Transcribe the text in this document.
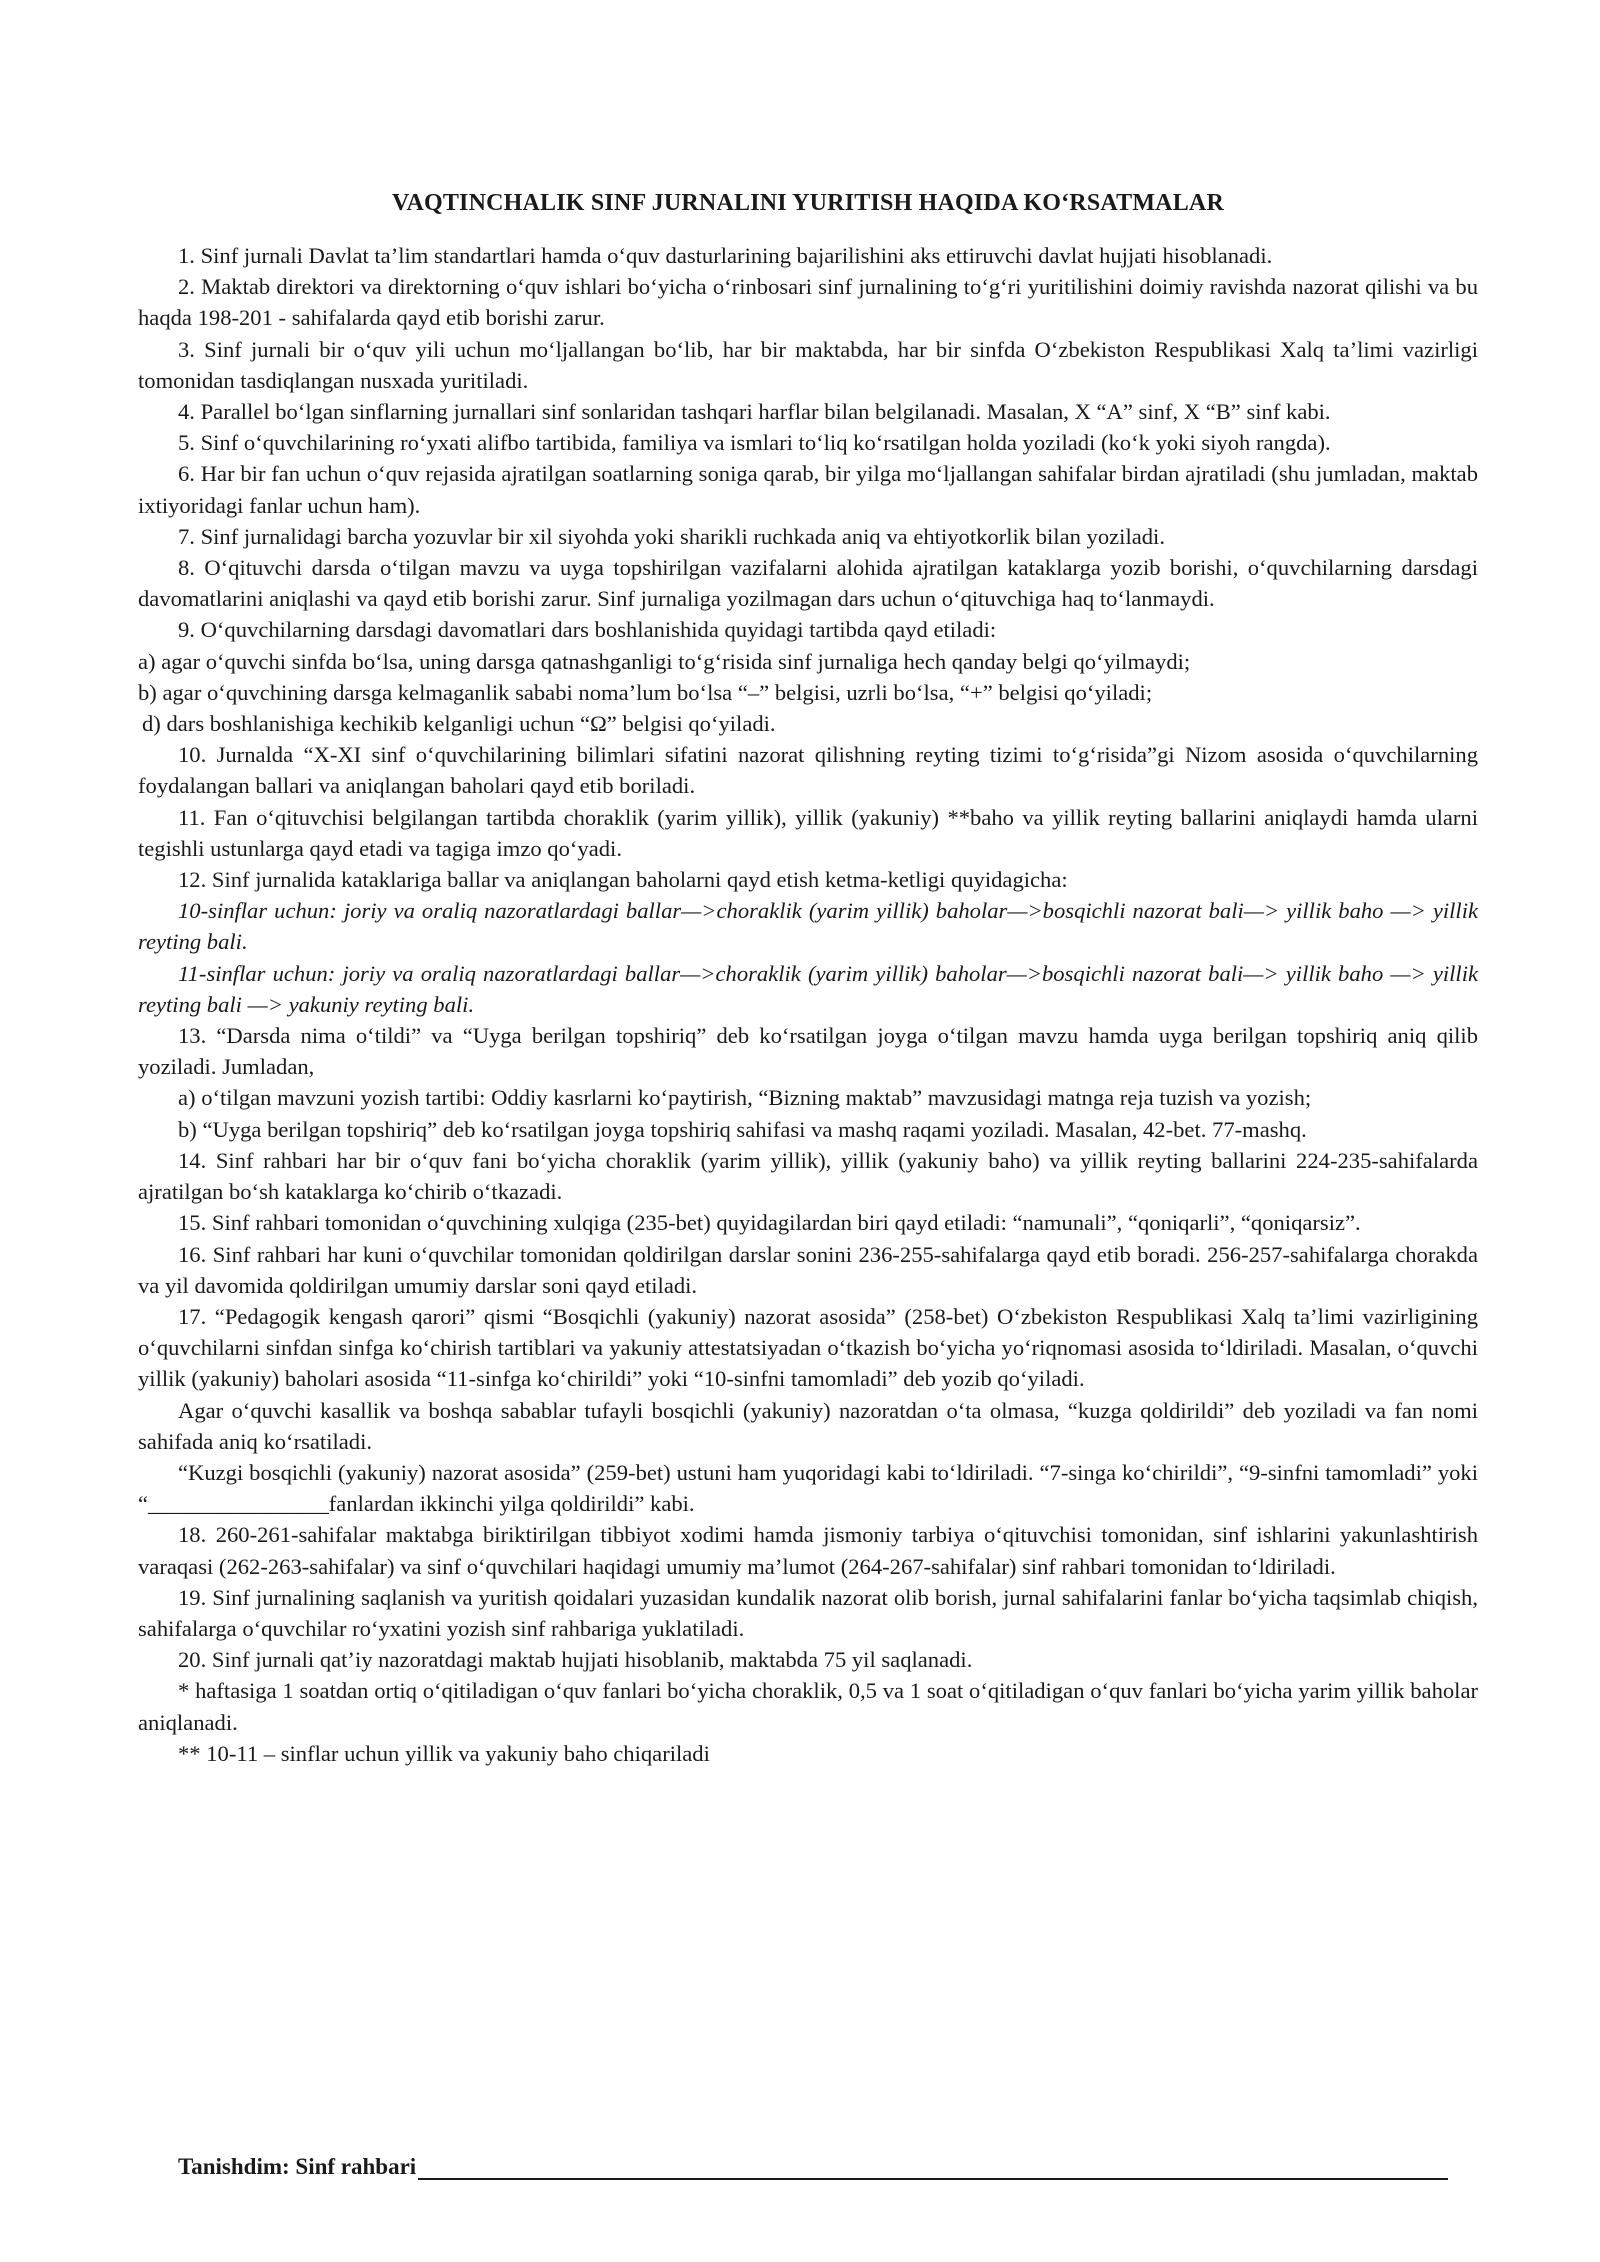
VAQTINCHALIK SINF JURNALINI YURITISH HAQIDA KO‘RSATMALAR

1. Sinf jurnali Davlat ta’lim standartlari hamda o‘quv dasturlarining bajarilishini aks ettiruvchi davlat hujjati hisoblanadi.

2. Maktab direktori va direktorning o‘quv ishlari bo‘yicha o‘rinbosari sinf jurnalining to‘g‘ri yuritilishini doimiy ravishda nazorat qilishi va bu haqda 198-201 - sahifalarda qayd etib borishi zarur.

3. Sinf jurnali bir o‘quv yili uchun mo‘ljallangan bo‘lib, har bir maktabda, har bir sinfda O‘zbekiston Respublikasi Xalq ta’limi vazirligi tomonidan tasdiqlangan nusxada yuritiladi.

4. Parallel bo‘lgan sinflarning jurnallari sinf sonlaridan tashqari harflar bilan belgilanadi. Masalan, X “A” sinf, X “B” sinf kabi.

5. Sinf o‘quvchilarining ro‘yxati alifbo tartibida, familiya va ismlari to‘liq ko‘rsatilgan holda yoziladi (ko‘k yoki siyoh rangda).

6. Har bir fan uchun o‘quv rejasida ajratilgan soatlarning soniga qarab, bir yilga mo‘ljallangan sahifalar birdan ajratiladi (shu jumladan, maktab ixtiyoridagi fanlar uchun ham).

7. Sinf jurnalidagi barcha yozuvlar bir xil siyohda yoki sharikli ruchkada aniq va ehtiyotkorlik bilan yoziladi.

8. O‘qituvchi darsda o‘tilgan mavzu va uyga topshirilgan vazifalarni alohida ajratilgan kataklarga yozib borishi, o‘quvchilarning darsdagi davomatlarini aniqlashi va qayd etib borishi zarur. Sinf jurnaliga yozilmagan dars uchun o‘qituvchiga haq to‘lanmaydi.

9. O‘quvchilarning darsdagi davomatlari dars boshlanishida quyidagi tartibda qayd etiladi:

a) agar o‘quvchi sinfda bo‘lsa, uning darsga qatnashganligi to‘g‘risida sinf jurnaliga hech qanday belgi qo‘yilmaydi;

b) agar o‘quvchining darsga kelmaganlik sababi noma’lum bo‘lsa “–” belgisi, uzrli bo‘lsa, “+” belgisi qo‘yiladi;

d) dars boshlanishiga kechikib kelganligi uchun “Ω” belgisi qo‘yiladi.

10. Jurnalda “X-XI sinf o‘quvchilarining bilimlari sifatini nazorat qilishning reyting tizimi to‘g‘risida”gi Nizom asosida o‘quvchilarning foydalangan ballari va aniqlangan baholari qayd etib boriladi.

11. Fan o‘qituvchisi belgilangan tartibda choraklik (yarim yillik), yillik (yakuniy) **baho va yillik reyting ballarini aniqlaydi hamda ularni tegishli ustunlarga qayd etadi va tagiga imzo qo‘yadi.

12. Sinf jurnalida kataklariga ballar va aniqlangan baholarni qayd etish ketma-ketligi quyidagicha:

10-sinflar uchun: joriy va oraliq nazoratlardagi ballar—>choraklik (yarim yillik) baholar—>bosqichli nazorat bali—> yillik baho —> yillik reyting bali.

11-sinflar uchun: joriy va oraliq nazoratlardagi ballar—>choraklik (yarim yillik) baholar—>bosqichli nazorat bali—> yillik baho —> yillik reyting bali —> yakuniy reyting bali.

13. “Darsda nima o‘tildi” va “Uyga berilgan topshiriq” deb ko‘rsatilgan joyga o‘tilgan mavzu hamda uyga berilgan topshiriq aniq qilib yoziladi. Jumladan,

a) o‘tilgan mavzuni yozish tartibi: Oddiy kasrlarni ko‘paytirish, “Bizning maktab” mavzusidagi matnga reja tuzish va yozish;

b) “Uyga berilgan topshiriq” deb ko‘rsatilgan joyga topshiriq sahifasi va mashq raqami yoziladi. Masalan, 42-bet. 77-mashq.

14. Sinf rahbari har bir o‘quv fani bo‘yicha choraklik (yarim yillik), yillik (yakuniy baho) va yillik reyting ballarini 224-235-sahifalarda ajratilgan bo‘sh kataklarga ko‘chirib o‘tkazadi.

15. Sinf rahbari tomonidan o‘quvchining xulqiga (235-bet) quyidagilardan biri qayd etiladi: “namunali”, “qoniqarli”, “qoniqarsiz”.

16. Sinf rahbari har kuni o‘quvchilar tomonidan qoldirilgan darslar sonini 236-255-sahifalarga qayd etib boradi. 256-257-sahifalarga chorakda va yil davomida qoldirilgan umumiy darslar soni qayd etiladi.

17. “Pedagogik kengash qarori” qismi “Bosqichli (yakuniy) nazorat asosida” (258-bet) O‘zbekiston Respublikasi Xalq ta’limi vazirligining o‘quvchilarni sinfdan sinfga ko‘chirish tartiblari va yakuniy attestatsiyadan o‘tkazish bo‘yicha yo‘riqnomasi asosida to‘ldiriladi. Masalan, o‘quvchi yillik (yakuniy) baholari asosida “11-sinfga ko‘chirildi” yoki “10-sinfni tamomladi” deb yozib qo‘yiladi.

Agar o‘quvchi kasallik va boshqa sabablar tufayli bosqichli (yakuniy) nazoratdan o‘ta olmasa, “kuzga qoldirildi” deb yoziladi va fan nomi sahifada aniq ko‘rsatiladi.

“Kuzgi bosqichli (yakuniy) nazorat asosida” (259-bet) ustuni ham yuqoridagi kabi to‘ldiriladi. “7-singa ko‘chirildi”, “9-sinfni tamomladi” yoki “________________fanlardan ikkinchi yilga qoldirildi” kabi.

18. 260-261-sahifalar maktabga biriktirilgan tibbiyot xodimi hamda jismoniy tarbiya o‘qituvchisi tomonidan, sinf ishlarini yakunlashtirish varaqasi (262-263-sahifalar) va sinf o‘quvchilari haqidagi umumiy ma’lumot (264-267-sahifalar) sinf rahbari tomonidan to‘ldiriladi.

19. Sinf jurnalining saqlanish va yuritish qoidalari yuzasidan kundalik nazorat olib borish, jurnal sahifalarini fanlar bo‘yicha taqsimlab chiqish, sahifalarga o‘quvchilar ro‘yxatini yozish sinf rahbariga yuklatiladi.

20. Sinf jurnali qat’iy nazoratdagi maktab hujjati hisoblanib, maktabda 75 yil saqlanadi.

* haftasiga 1 soatdan ortiq o‘qitiladigan o‘quv fanlari bo‘yicha choraklik, 0,5 va 1 soat o‘qitiladigan o‘quv fanlari bo‘yicha yarim yillik baholar aniqlanadi.

** 10-11 – sinflar uchun yillik va yakuniy baho chiqariladi

Tanishdim: Sinf rahbari
